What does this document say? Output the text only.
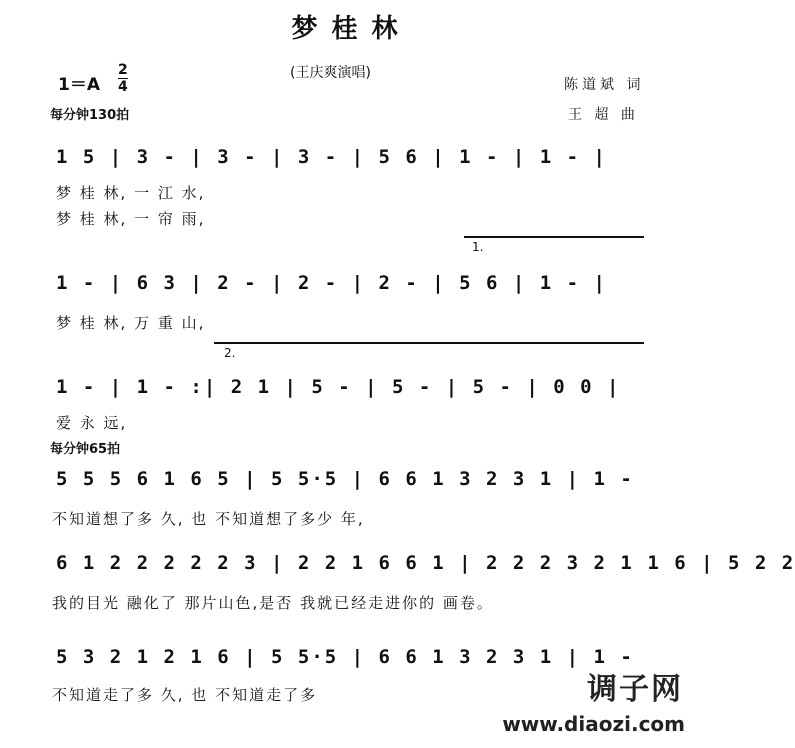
梦桂林
(王庆爽演唱)
1＝A
2
4
每分钟130拍
陈道斌 词
王 超 曲
1 5 | 3 - | 3 - | 3 - | 5 6 | 1 - | 1 - |
梦 桂 林, 一 江 水,
梦 桂 林, 一 帘 雨,
1.
1 - | 6 3 | 2 - | 2 - | 2 - | 5 6 | 1 - |
梦 桂 林, 万 重 山,
2.
1 - | 1 - :| 2 1 | 5 - | 5 - | 5 - | 0 0 |
爱 永 远,
每分钟65拍
5 5 5 6 1 6 5 | 5 5·5 | 6 6 1 3 2 3 1 | 1 -
不知道想了多 久, 也 不知道想了多少 年,
6 1 2 2 2 2 2 3 | 2 2 1 6 6 1 | 2 2 2 3 2 1 1 6 | 5 2 2
我的目光 融化了 那片山色,是否 我就已经走进你的 画卷。
5 3 2 1 2 1 6 | 5 5·5 | 6 6 1 3 2 3 1 | 1 -
不知道走了多 久, 也 不知道走了多	调子网
www.diaozi.com
